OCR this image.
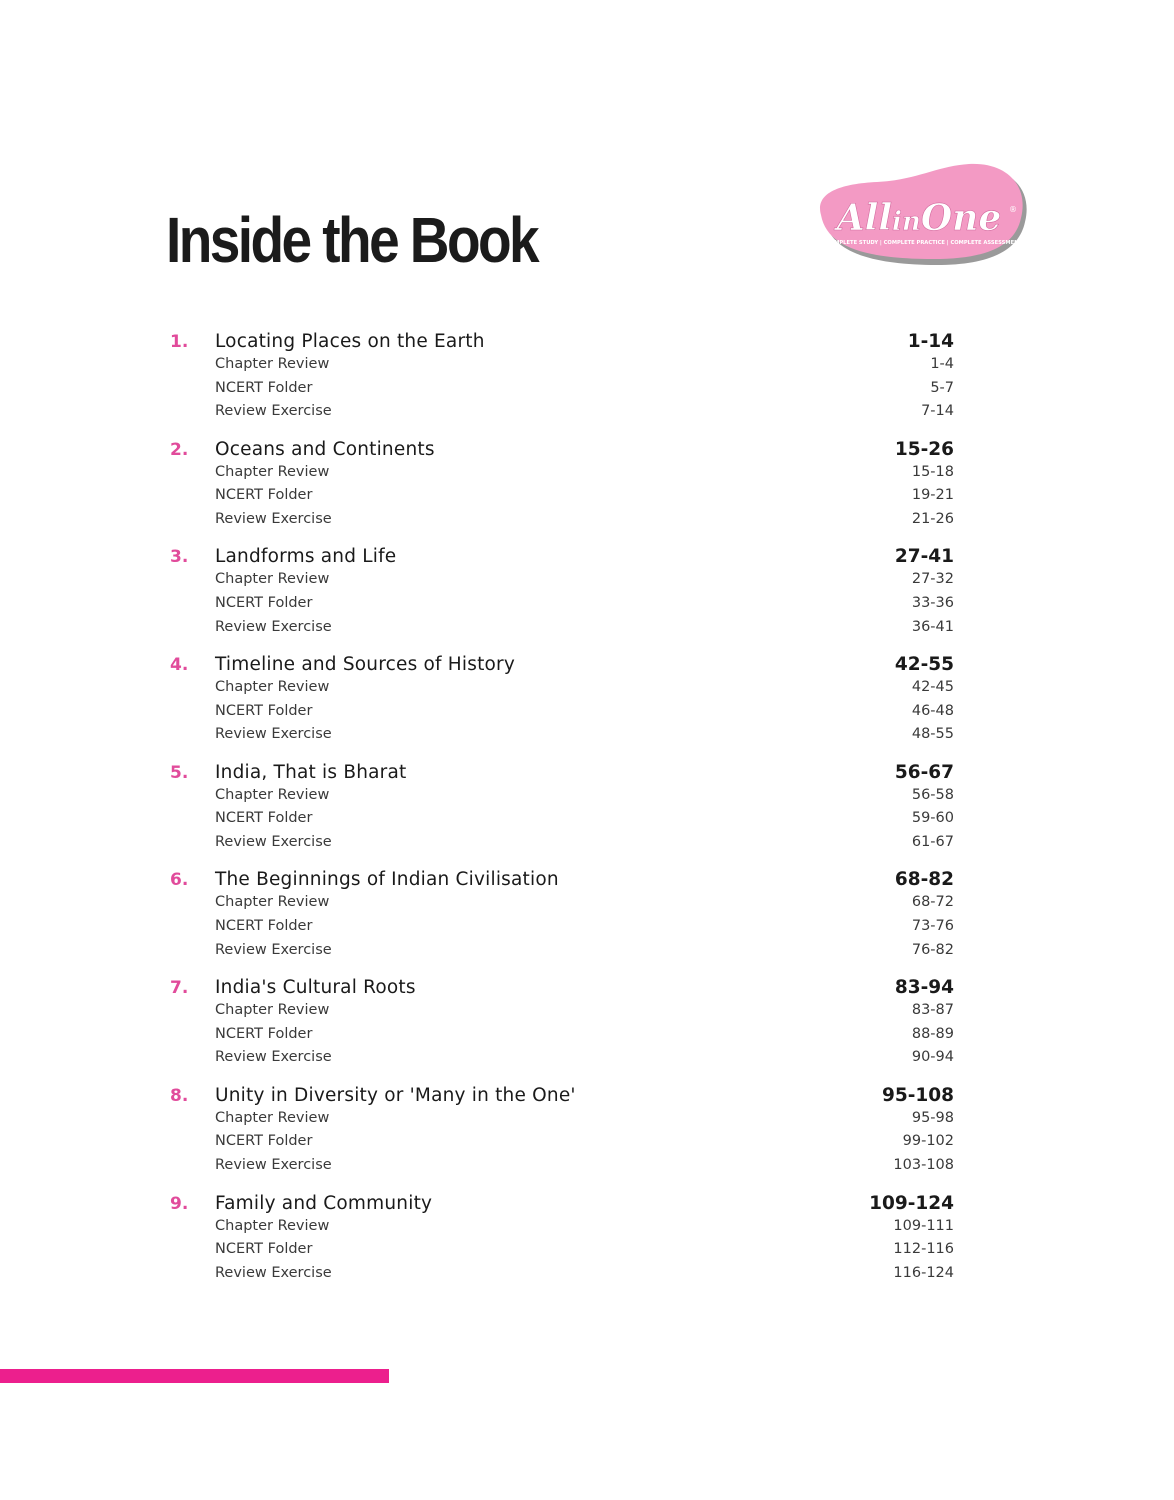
Inside the Book	AllinOne ®
COMPLETE STUDY | COMPLETE PRACTICE | COMPLETE ASSESSMENT
1.	Locating Places on the Earth	1-14
Chapter Review	1-4
NCERT Folder	5-7
Review Exercise	7-14
2.	Oceans and Continents	15-26
Chapter Review	15-18
NCERT Folder	19-21
Review Exercise	21-26
3.	Landforms and Life	27-41
Chapter Review	27-32
NCERT Folder	33-36
Review Exercise	36-41
4.	Timeline and Sources of History	42-55
Chapter Review	42-45
NCERT Folder	46-48
Review Exercise	48-55
5.	India, That is Bharat	56-67
Chapter Review	56-58
NCERT Folder	59-60
Review Exercise	61-67
6.	The Beginnings of Indian Civilisation	68-82
Chapter Review	68-72
NCERT Folder	73-76
Review Exercise	76-82
7.	India's Cultural Roots	83-94
Chapter Review	83-87
NCERT Folder	88-89
Review Exercise	90-94
8.	Unity in Diversity or 'Many in the One'	95-108
Chapter Review	95-98
NCERT Folder	99-102
Review Exercise	103-108
9.	Family and Community	109-124
Chapter Review	109-111
NCERT Folder	112-116
Review Exercise	116-124
